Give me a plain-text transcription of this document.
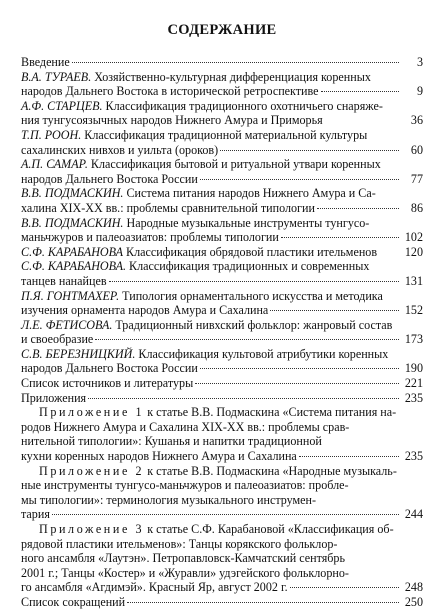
СОДЕРЖАНИЕ
Введение	3
В.А. ТУРАЕВ. Хозяйственно-культурная дифференциация коренных
народов Дальнего Востока в исторической ретроспективе	9
А.Ф. СТАРЦЕВ. Классификация традиционного охотничьего снаряже-
ния тунгусоязычных народов Нижнего Амура и Приморья	36
Т.П. РООН. Классификация традиционной материальной культуры
сахалинских нивхов и уильта (ороков)	60
А.П. САМАР. Классификация бытовой и ритуальной утвари коренных
народов Дальнего Востока России	77
В.В. ПОДМАСКИН. Система питания народов Нижнего Амура и Са-
халина XIX-XX вв.: проблемы сравнительной типологии	86
В.В. ПОДМАСКИН. Народные музыкальные инструменты тунгусо-
маньчжуров и палеоазиатов: проблемы типологии	102
С.Ф. КАРАБАНОВА Классификация обрядовой пластики ительменов 120
С.Ф. КАРАБАНОВА. Классификация традиционных и современных
танцев нанайцев	131
П.Я. ГОНТМАХЕР. Типология орнаментального искусства и методика
изучения орнамента народов Амура и Сахалина	152
Л.Е. ФЕТИСОВА. Традиционный нивхский фольклор: жанровый состав
и своеобразие	173
С.В. БЕРЕЗНИЦКИЙ. Классификация культовой атрибутики коренных
народов Дальнего Востока России	190
Список источников и литературы	221
Приложения	235
Приложение 1 к статье В.В. Подмаскина «Система питания на-
родов Нижнего Амура и Сахалина XIX-XX вв.: проблемы срав-
нительной типологии»: Кушанья и напитки традиционной
кухни коренных народов Нижнего Амура и Сахалина	235
Приложение 2 к статье В.В. Подмаскина «Народные музыкаль-
ные инструменты тунгусо-маньчжуров и палеоазиатов: пробле-
мы типологии»: терминология музыкального инструмен-
тария	244
Приложение 3 к статье С.Ф. Карабановой «Классификация об-
рядовой пластики ительменов»: Танцы корякского фольклор-
ного ансамбля «Лаутэн». Петропавловск-Камчатский сентябрь
2001 г.; Танцы «Костер» и «Журавли» удэгейского фольклорно-
го ансамбля «Агдимэй». Красный Яр, август 2002 г.	248
Список сокращений	250
